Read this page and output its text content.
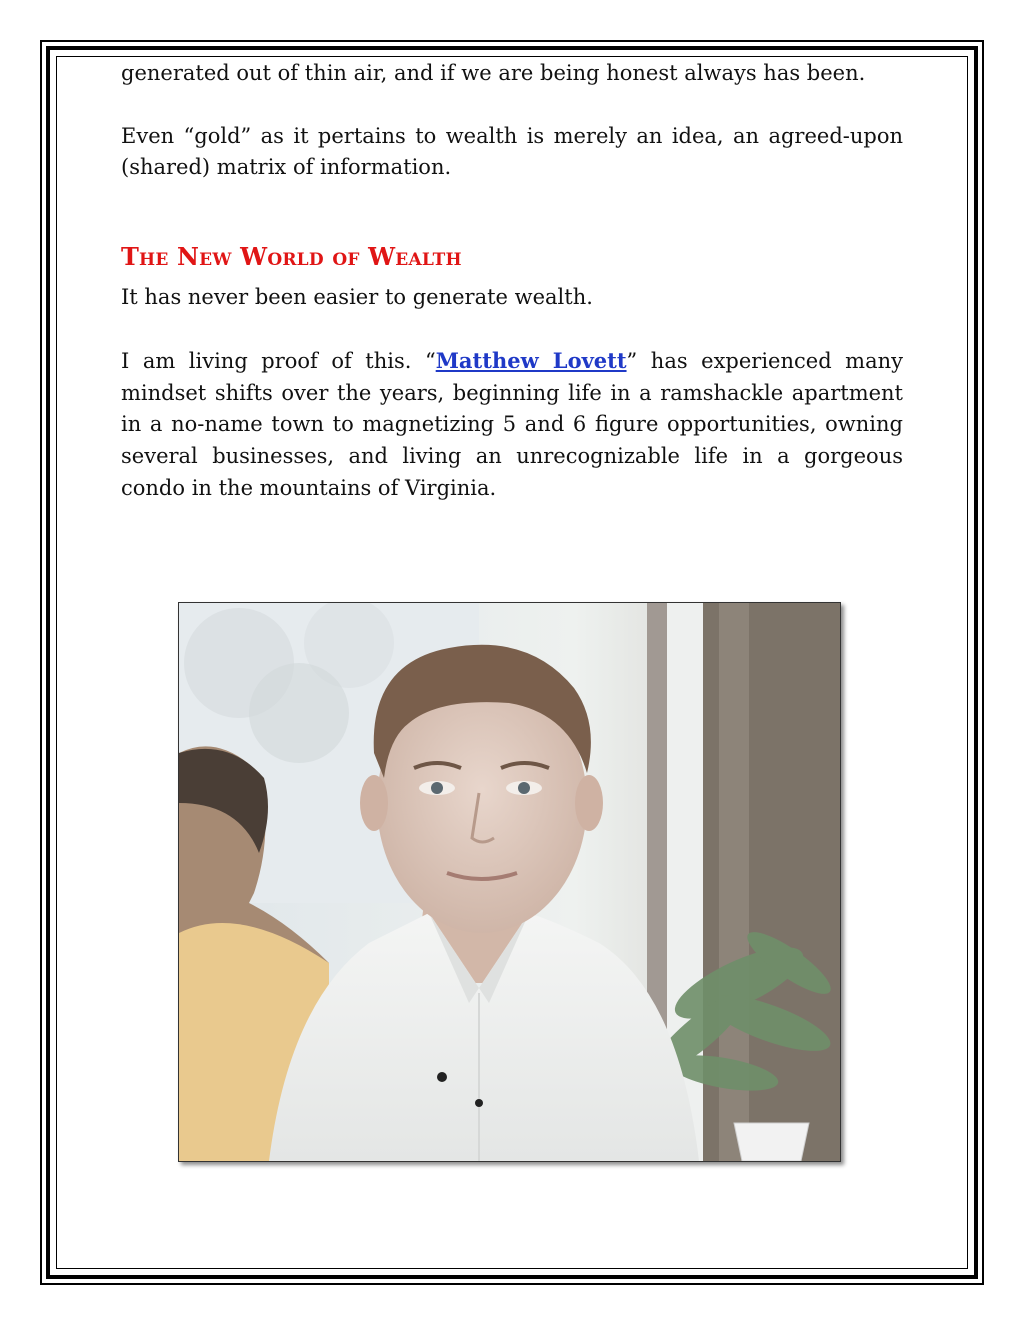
generated out of thin air, and if we are being honest always has been.

Even “gold” as it pertains to wealth is merely an idea, an agreed-upon (shared) matrix of information.

The New World of Wealth

It has never been easier to generate wealth.

I am living proof of this. “Matthew Lovett” has experienced many mindset shifts over the years, beginning life in a ramshackle apartment in a no-name town to magnetizing 5 and 6 figure opportunities, owning several businesses, and living an unrecognizable life in a gorgeous condo in the mountains of Virginia.
